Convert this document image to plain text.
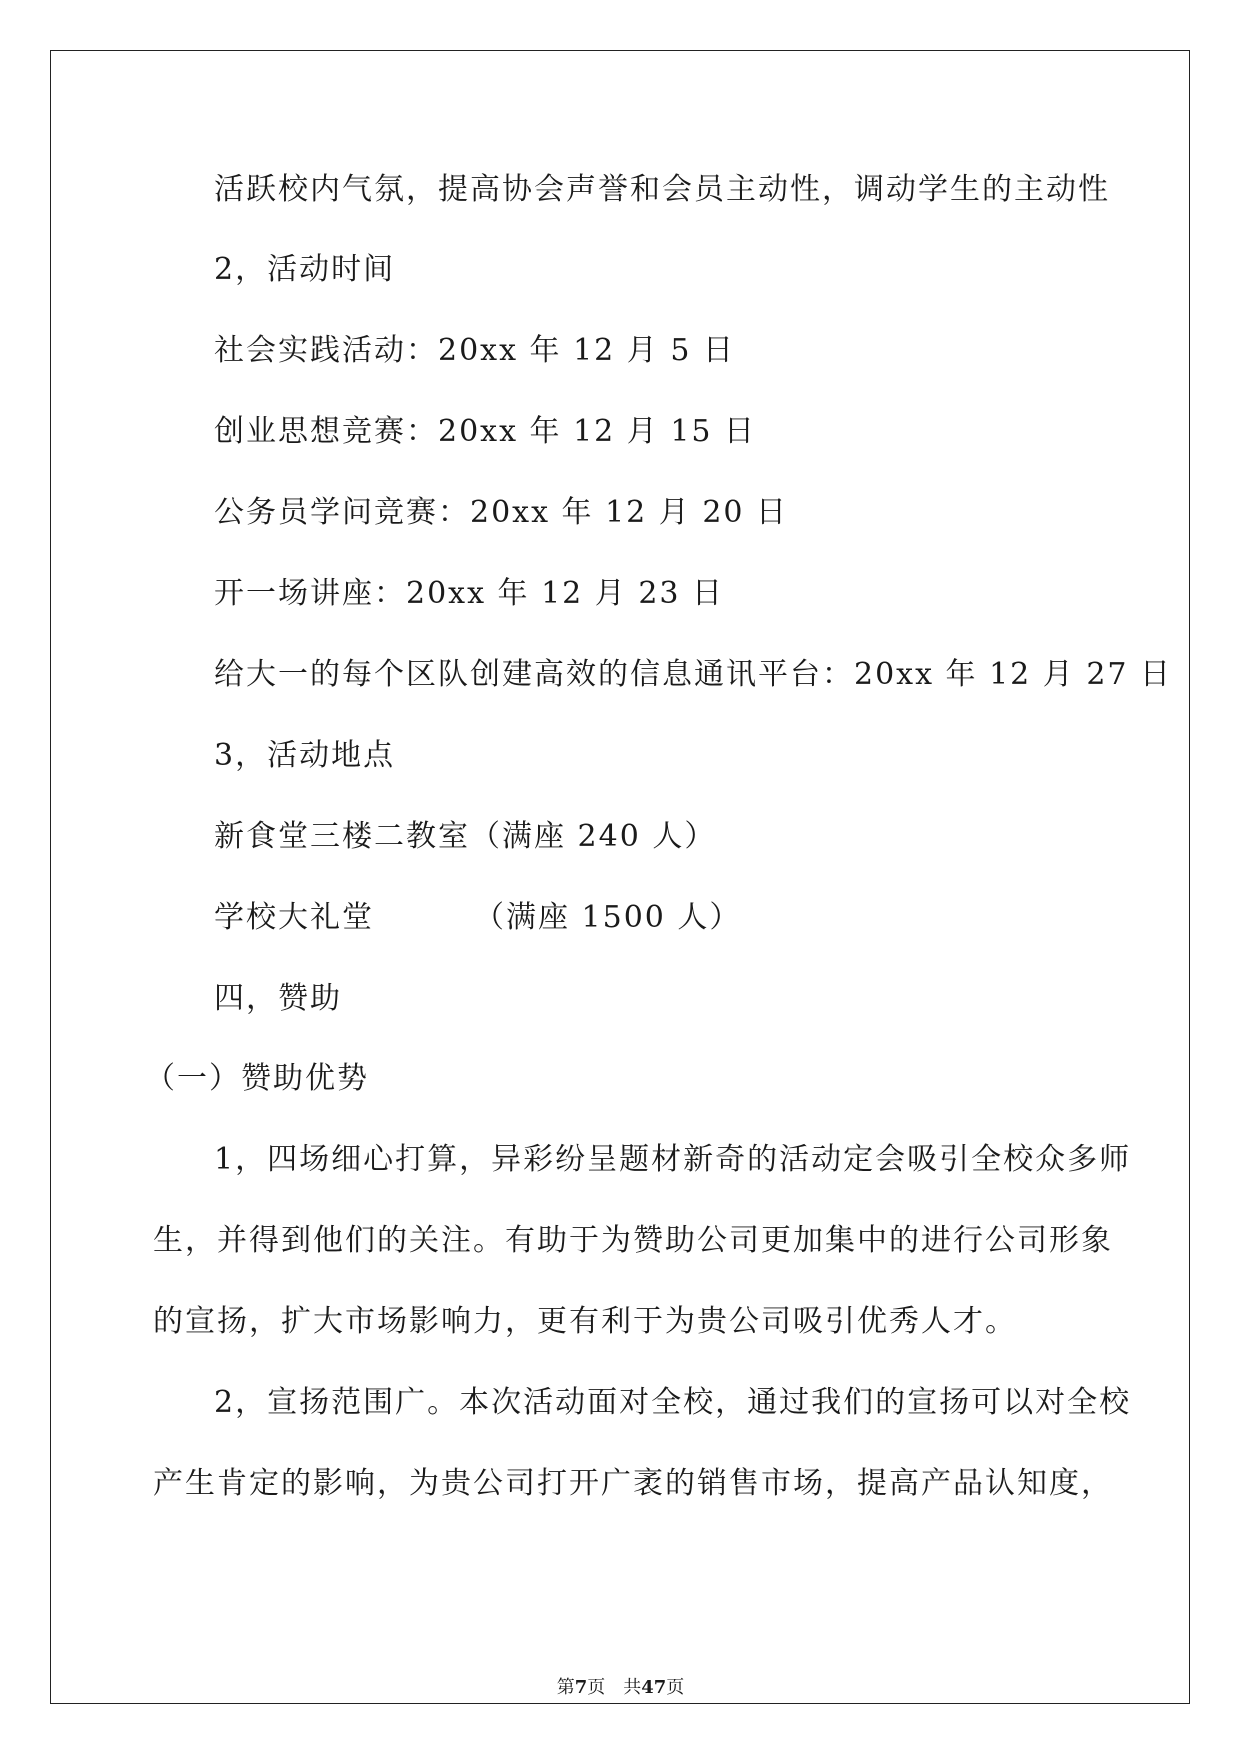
活跃校内气氛，提高协会声誉和会员主动性，调动学生的主动性
2，活动时间
社会实践活动：20xx 年 12 月 5 日
创业思想竞赛：20xx 年 12 月 15 日
公务员学问竞赛：20xx 年 12 月 20 日
开一场讲座：20xx 年 12 月 23 日
给大一的每个区队创建高效的信息通讯平台：20xx 年 12 月 27 日
3，活动地点
新食堂三楼二教室（满座 240 人）
学校大礼堂	（满座 1500 人）
四，赞助
（一）赞助优势
1，四场细心打算，异彩纷呈题材新奇的活动定会吸引全校众多师
生，并得到他们的关注。有助于为赞助公司更加集中的进行公司形象
的宣扬，扩大市场影响力，更有利于为贵公司吸引优秀人才。
2，宣扬范围广。本次活动面对全校，通过我们的宣扬可以对全校
产生肯定的影响，为贵公司打开广袤的销售市场，提高产品认知度，
第7页　共47页
